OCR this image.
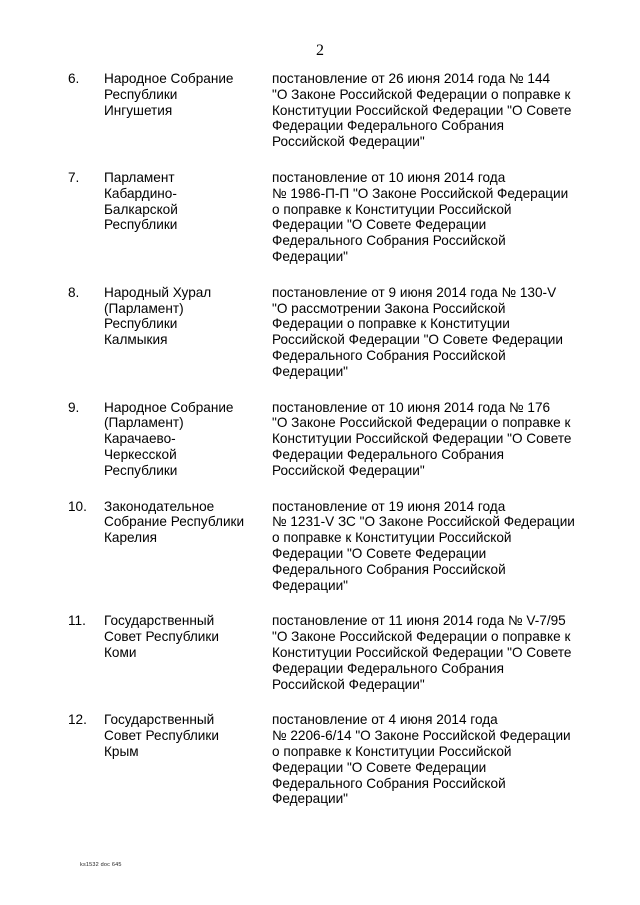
2
6. Народное Собрание
Республики
Ингушетия
постановление от 26 июня 2014 года № 144
"О Законе Российской Федерации о поправке к
Конституции Российской Федерации "О Совете
Федерации Федерального Собрания
Российской Федерации"
7. Парламент
Кабардино-
Балкарской
Республики
постановление от 10 июня 2014 года
№ 1986-П-П "О Законе Российской Федерации
о поправке к Конституции Российской
Федерации "О Совете Федерации
Федерального Собрания Российской
Федерации"
8. Народный Хурал
(Парламент)
Республики
Калмыкия
постановление от 9 июня 2014 года № 130-V
"О рассмотрении Закона Российской
Федерации о поправке к Конституции
Российской Федерации "О Совете Федерации
Федерального Собрания Российской
Федерации"
9. Народное Собрание
(Парламент)
Карачаево-
Черкесской
Республики
постановление от 10 июня 2014 года № 176
"О Законе Российской Федерации о поправке к
Конституции Российской Федерации "О Совете
Федерации Федерального Собрания
Российской Федерации"
10. Законодательное
Собрание Республики
Карелия
постановление от 19 июня 2014 года
№ 1231-V ЗС "О Законе Российской Федерации
о поправке к Конституции Российской
Федерации "О Совете Федерации
Федерального Собрания Российской
Федерации"
11. Государственный
Совет Республики
Коми
постановление от 11 июня 2014 года № V-7/95
"О Законе Российской Федерации о поправке к
Конституции Российской Федерации "О Совете
Федерации Федерального Собрания
Российской Федерации"
12. Государственный
Совет Республики
Крым
постановление от 4 июня 2014 года
№ 2206-6/14 "О Законе Российской Федерации
о поправке к Конституции Российской
Федерации "О Совете Федерации
Федерального Собрания Российской
Федерации"
ks1532 doc 645
